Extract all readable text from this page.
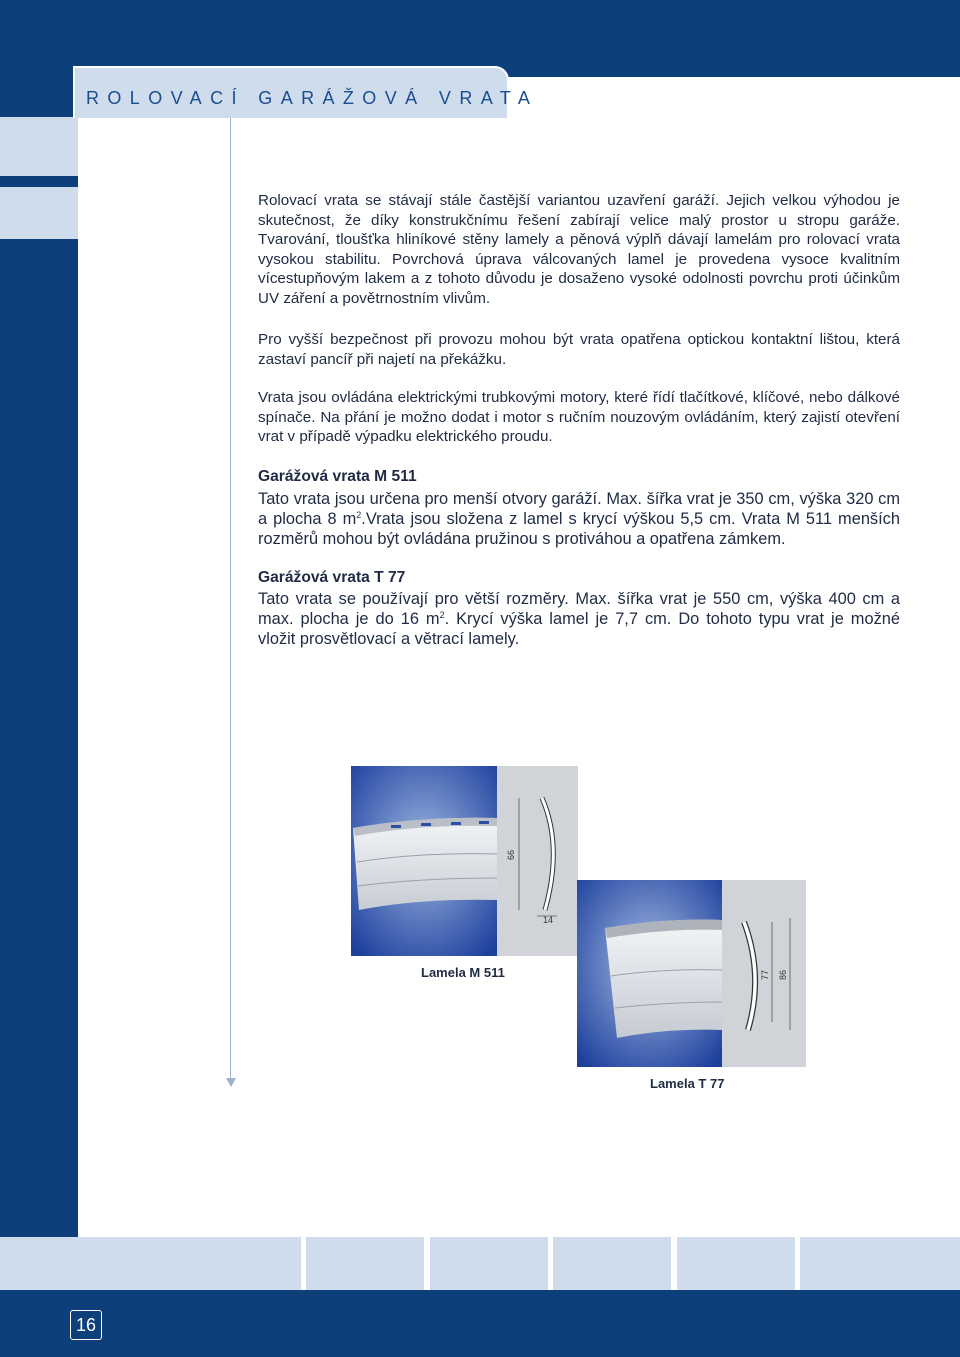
ROLOVACÍ GARÁŽOVÁ VRATA

Rolovací vrata se stávají stále častější variantou uzavření garáží. Jejich velkou výhodou je skutečnost, že díky konstrukčnímu řešení zabírají velice malý prostor u stropu garáže. Tvarování, tloušťka hliníkové stěny lamely a pěnová výplň dávají lamelám pro rolovací vrata vysokou stabilitu. Povrchová úprava válcovaných lamel je provedena vysoce kvalitním vícestupňovým lakem a z tohoto důvodu je dosaženo vysoké odolnosti povrchu proti účinkům UV záření a povětrnostním vlivům.

Pro vyšší bezpečnost při provozu mohou být vrata opatřena optickou kontaktní lištou, která zastaví pancíř při najetí na překážku.

Vrata jsou ovládána elektrickými trubkovými motory, které řídí tlačítkové, klíčové, nebo dálkové spínače. Na přání je možno dodat i motor s ručním nouzovým ovládáním, který zajistí otevření vrat v případě výpadku elektrického proudu.

Garážová vrata M 511

Tato vrata jsou určena pro menší otvory garáží. Max. šířka vrat je 350 cm, výška 320 cm a plocha 8 $m^2.Vrata$ jsou složena z lamel s krycí výškou 5,5 cm. Vrata M 511 menších rozměrů mohou být ovládána pružinou s protiváhou a opatřena zámkem.

Garážová vrata T 77

Tato vrata se používají pro větší rozměry. Max. šířka vrat je 550 cm, výška 400 cm a max. plocha je do 16 $m^2$. Krycí výška lamel je 7,7 cm. Do tohoto typu vrat je možné vložit prosvětlovací a větrací lamely.

66
14
Lamela M 511	77 86
Lamela T 77
16
